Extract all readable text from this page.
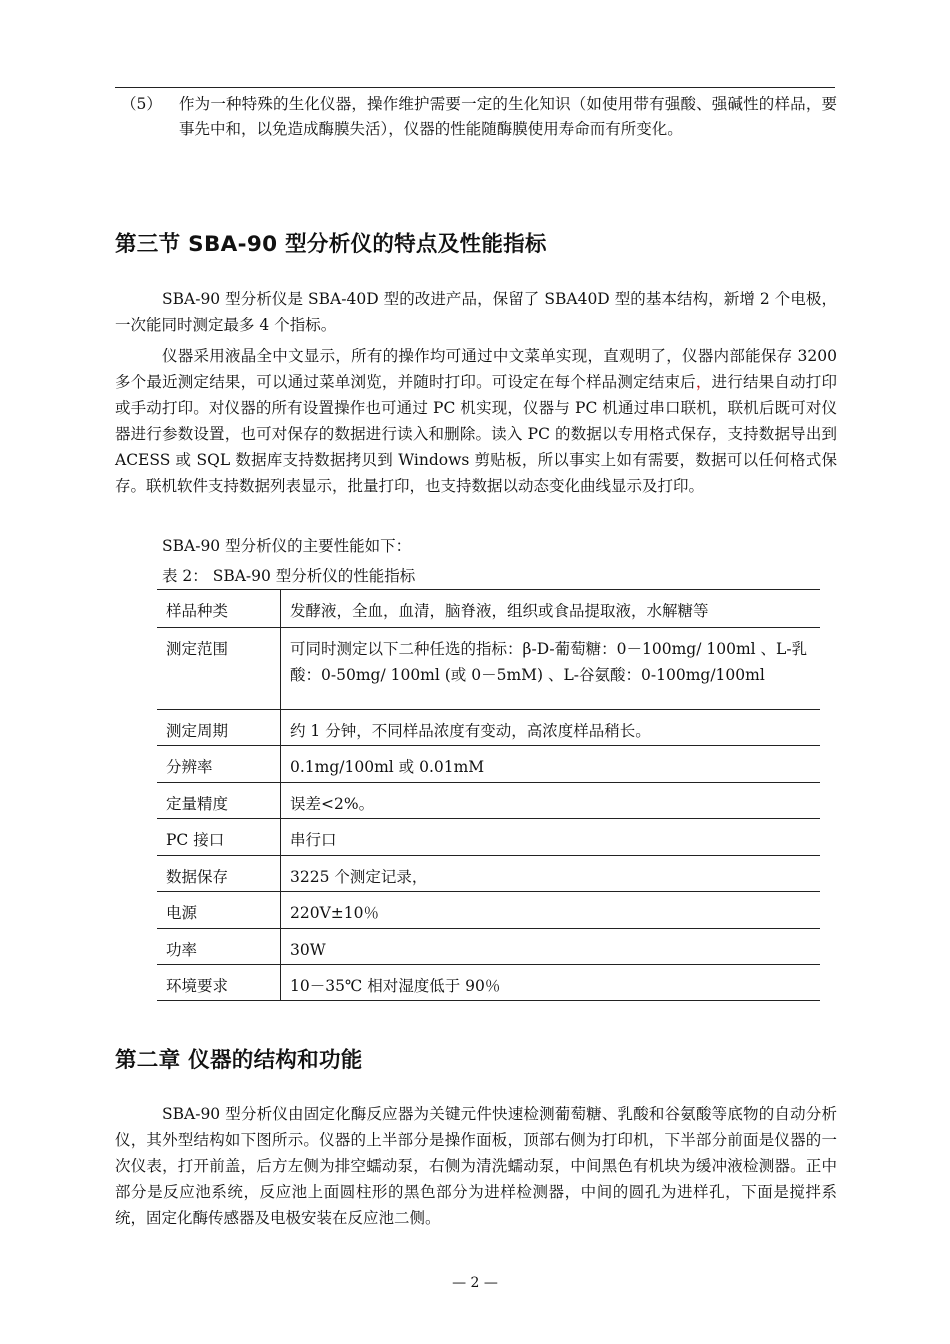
（5） 作为一种特殊的生化仪器，操作维护需要一定的生化知识（如使用带有强酸、强碱性的样品，要事先中和，以免造成酶膜失活），仪器的性能随酶膜使用寿命而有所变化。
第三节 SBA-90 型分析仪的特点及性能指标

SBA-90 型分析仪是 SBA-40D 型的改进产品，保留了 SBA40D 型的基本结构，新增 2 个电极，一次能同时测定最多 4 个指标。

仪器采用液晶全中文显示，所有的操作均可通过中文菜单实现，直观明了，仪器内部能保存 3200 多个最近测定结果，可以通过菜单浏览，并随时打印。可设定在每个样品测定结束后，进行结果自动打印或手动打印。对仪器的所有设置操作也可通过 PC 机实现，仪器与 PC 机通过串口联机，联机后既可对仪器进行参数设置，也可对保存的数据进行读入和删除。读入 PC 的数据以专用格式保存，支持数据导出到 ACESS 或 SQL 数据库支持数据拷贝到 Windows 剪贴板，所以事实上如有需要，数据可以任何格式保存。联机软件支持数据列表显示，批量打印，也支持数据以动态变化曲线显示及打印。

SBA-90 型分析仪的主要性能如下：

表 2： SBA-90 型分析仪的性能指标
样品种类	发酵液，全血，血清，脑脊液，组织或食品提取液，水解糖等
测定范围	可同时测定以下二种任选的指标：β-D-葡萄糖：0－100mg/ 100ml 、L-乳酸：0-50mg/ 100ml (或 0－5mM) 、L-谷氨酸：0-100mg/100ml
测定周期	约 1 分钟，不同样品浓度有变动，高浓度样品稍长。
分辨率	0.1mg/100ml 或 0.01mM
定量精度	误差<2%。
PC 接口	串行口
数据保存	3225 个测定记录，
电源	220V±10％
功率	30W
环境要求	10－35℃ 相对湿度低于 90％
第二章 仪器的结构和功能

SBA-90 型分析仪由固定化酶反应器为关键元件快速检测葡萄糖、乳酸和谷氨酸等底物的自动分析仪，其外型结构如下图所示。仪器的上半部分是操作面板，顶部右侧为打印机，下半部分前面是仪器的一次仪表，打开前盖，后方左侧为排空蠕动泵，右侧为清洗蠕动泵，中间黑色有机块为缓冲液检测器。正中部分是反应池系统，反应池上面圆柱形的黑色部分为进样检测器，中间的圆孔为进样孔，下面是搅拌系统，固定化酶传感器及电极安装在反应池二侧。

— 2 —
